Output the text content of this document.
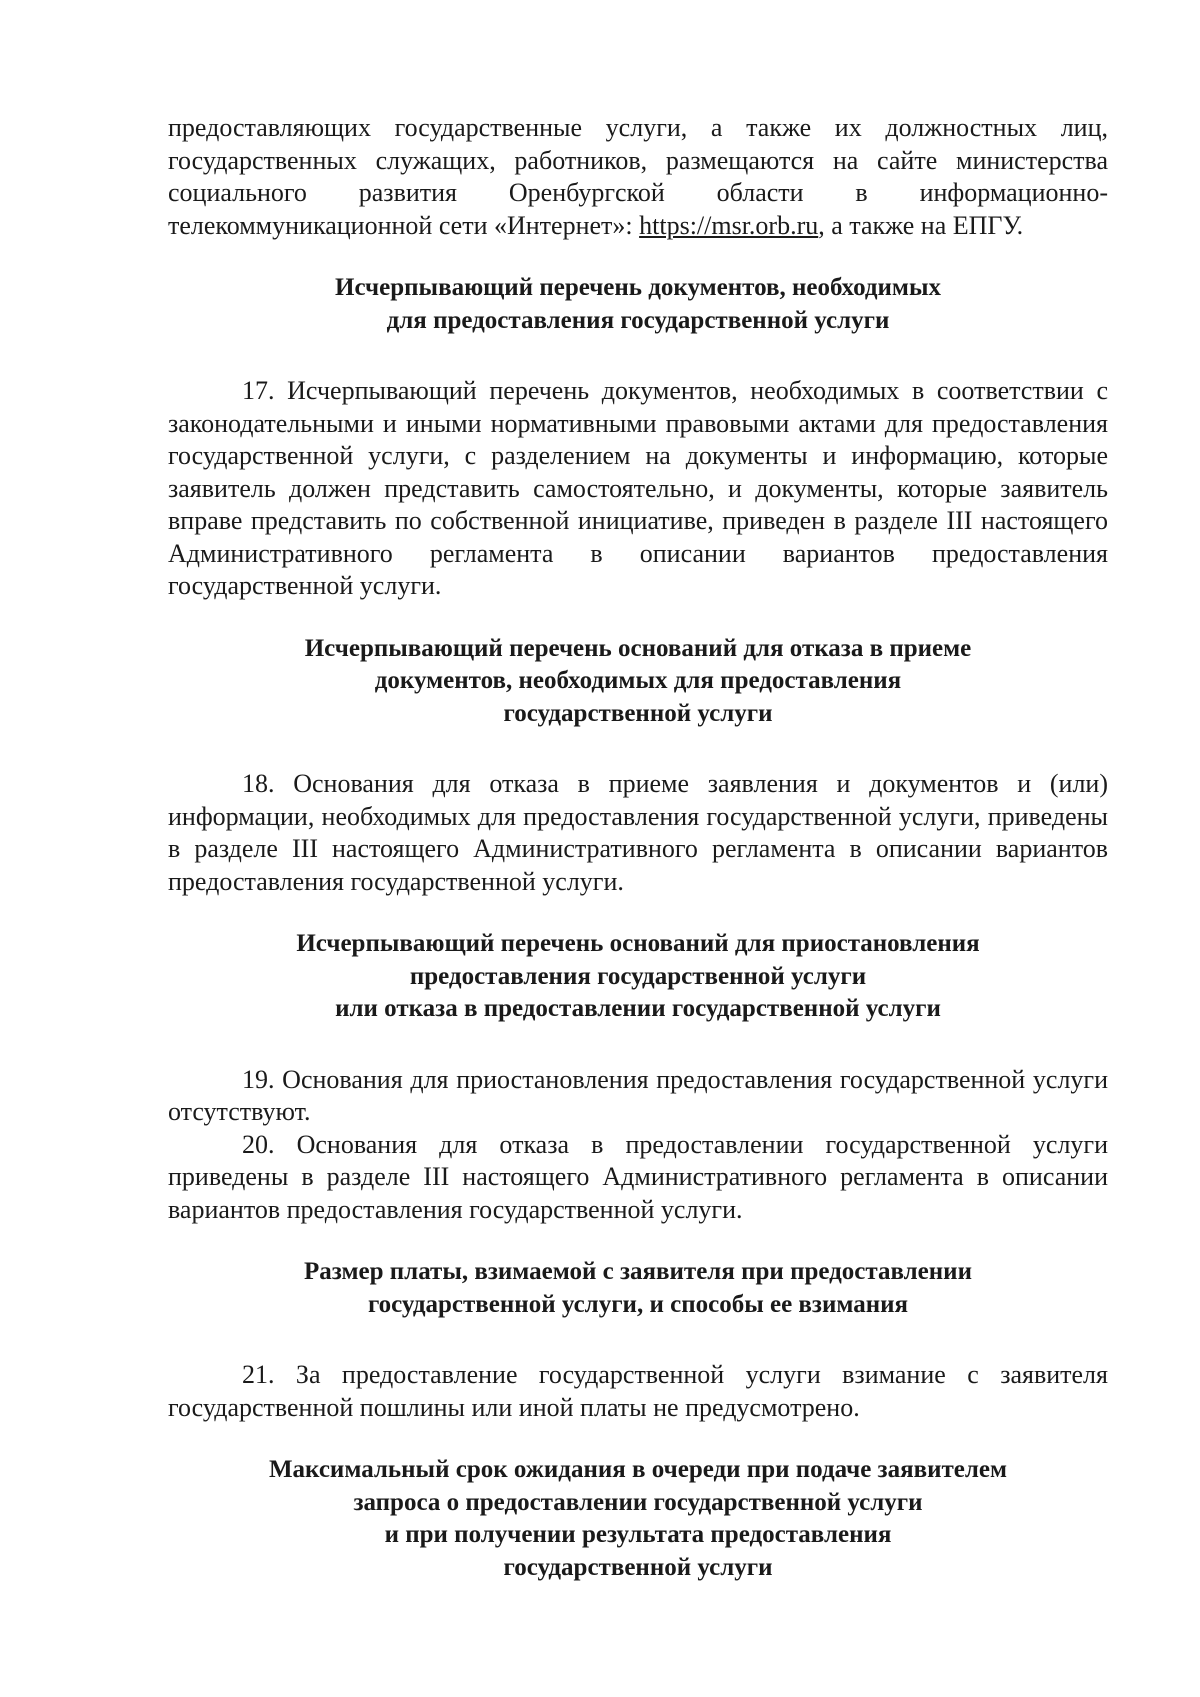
предоставляющих государственные услуги, а также их должностных лиц, государственных служащих, работников, размещаются на сайте министерства социального развития Оренбургской области в информационно-телекоммуникационной сети «Интернет»: https://msr.orb.ru, а также на ЕПГУ.

Исчерпывающий перечень документов, необходимых
для предоставления государственной услуги

17. Исчерпывающий перечень документов, необходимых в соответствии с законодательными и иными нормативными правовыми актами для предоставления государственной услуги, с разделением на документы и информацию, которые заявитель должен представить самостоятельно, и документы, которые заявитель вправе представить по собственной инициативе, приведен в разделе III настоящего Административного регламента в описании вариантов предоставления государственной услуги.

Исчерпывающий перечень оснований для отказа в приеме
документов, необходимых для предоставления
государственной услуги

18. Основания для отказа в приеме заявления и документов и (или) информации, необходимых для предоставления государственной услуги, приведены в разделе III настоящего Административного регламента в описании вариантов предоставления государственной услуги.

Исчерпывающий перечень оснований для приостановления
предоставления государственной услуги
или отказа в предоставлении государственной услуги

19. Основания для приостановления предоставления государственной услуги отсутствуют.

20. Основания для отказа в предоставлении государственной услуги приведены в разделе III настоящего Административного регламента в описании вариантов предоставления государственной услуги.

Размер платы, взимаемой с заявителя при предоставлении
государственной услуги, и способы ее взимания

21. За предоставление государственной услуги взимание с заявителя государственной пошлины или иной платы не предусмотрено.

Максимальный срок ожидания в очереди при подаче заявителем
запроса о предоставлении государственной услуги
и при получении результата предоставления
государственной услуги
